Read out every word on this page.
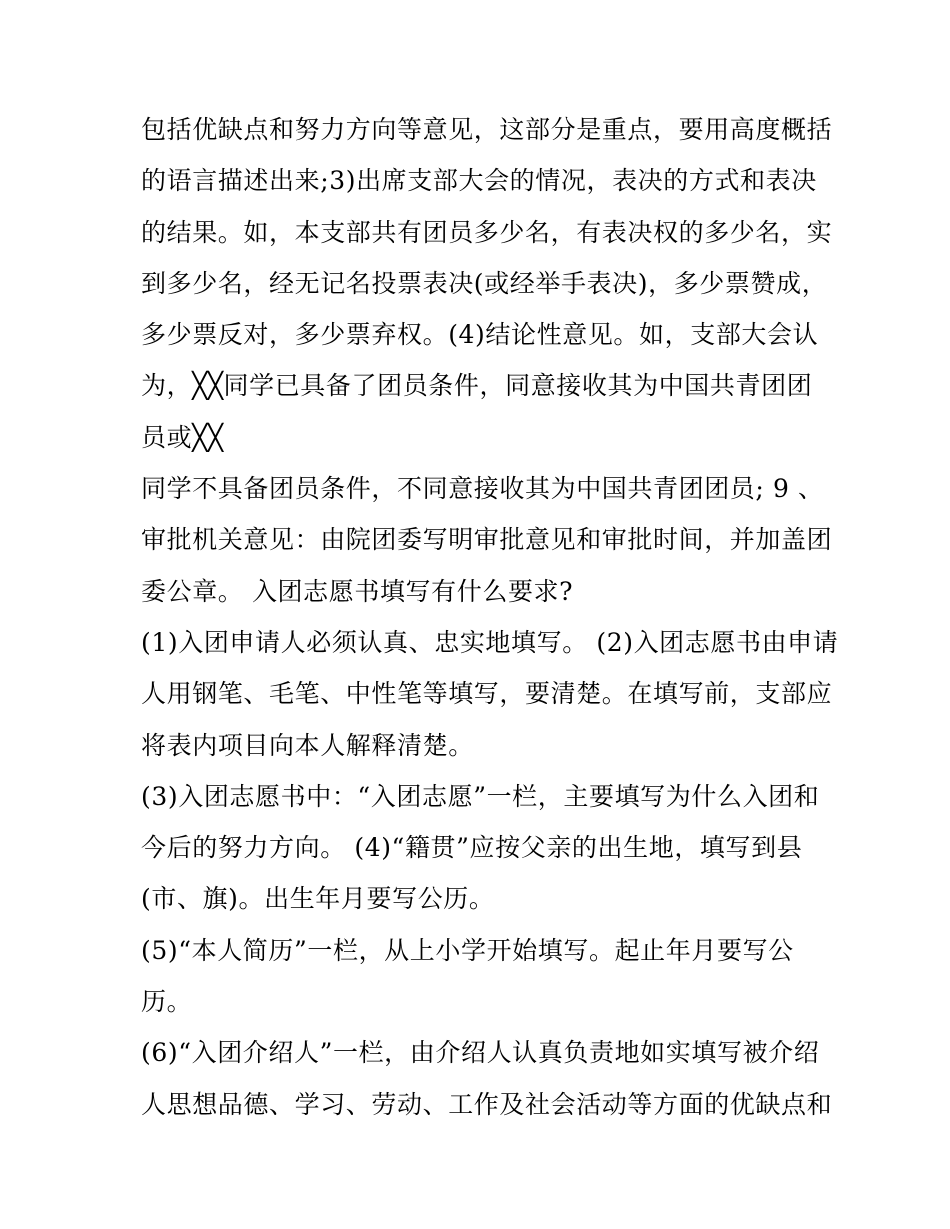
包括优缺点和努力方向等意见，这部分是重点，要用高度概括
的语言描述出来;3)出席支部大会的情况，表决的方式和表决
的结果。如，本支部共有团员多少名，有表决权的多少名，实
到多少名，经无记名投票表决(或经举手表决)，多少票赞成，
多少票反对，多少票弃权。(4)结论性意见。如，支部大会认
为，╳╳同学已具备了团员条件，同意接收其为中国共青团团
员或╳╳
同学不具备团员条件，不同意接收其为中国共青团团员; 9 、
审批机关意见：由院团委写明审批意见和审批时间，并加盖团
委公章。 入团志愿书填写有什么要求?
(1)入团申请人必须认真、忠实地填写。 (2)入团志愿书由申请
人用钢笔、毛笔、中性笔等填写，要清楚。在填写前，支部应
将表内项目向本人解释清楚。
(3)入团志愿书中：“入团志愿”一栏，主要填写为什么入团和
今后的努力方向。 (4)“籍贯”应按父亲的出生地，填写到县
(市、旗)。出生年月要写公历。
(5)“本人简历”一栏，从上小学开始填写。起止年月要写公
历。
(6)“入团介绍人”一栏，由介绍人认真负责地如实填写被介绍
人思想品德、学习、劳动、工作及社会活动等方面的优缺点和
